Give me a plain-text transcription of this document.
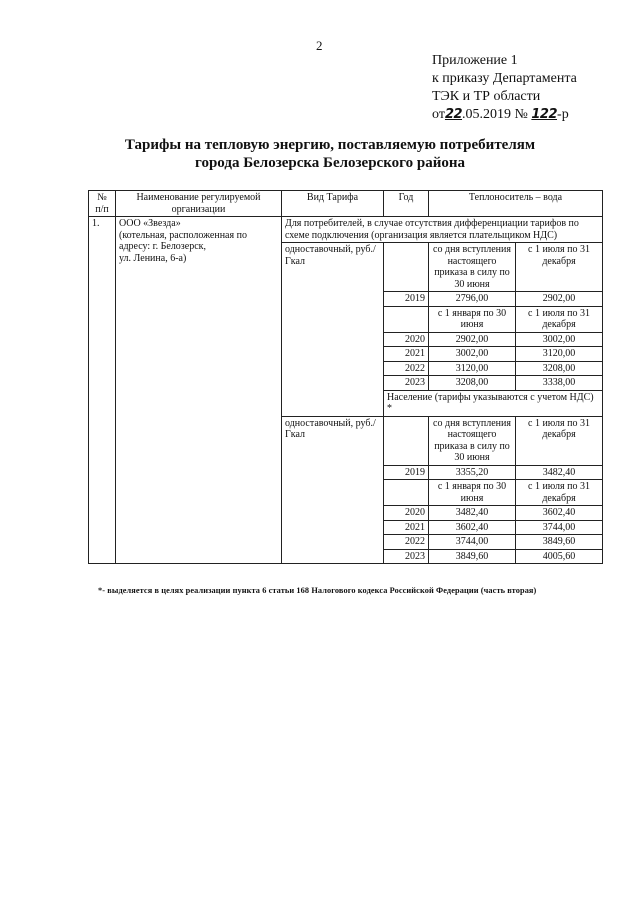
2
Приложение 1
к приказу Департамента
ТЭК и ТР области
от22.05.2019 № 122-р
Тарифы на тепловую энергию, поставляемую потребителям
города Белозерска Белозерского района
№ п/п	Наименование регулируемой организации	Вид Тарифа	Год	Теплоноситель – вода	
1.	ООО «Звезда»
(котельная, расположенная по адресу: г. Белозерск,
ул. Ленина, 6-а)	Для потребителей, в случае отсутствия дифференциации тарифов по схеме подключения (организация является плательщиком НДС)			
		одноставочный, руб./Гкал		со дня вступления настоящего приказа в силу по 30 июня	с 1 июля по 31 декабря
			2019	2796,00	2902,00
				с 1 января по 30 июня	с 1 июля по 31 декабря
			2020	2902,00	3002,00
			2021	3002,00	3120,00
			2022	3120,00	3208,00
			2023	3208,00	3338,00
			Население (тарифы указываются с учетом НДС) *		
		одноставочный, руб./Гкал		со дня вступления настоящего приказа в силу по 30 июня	с 1 июля по 31 декабря
			2019	3355,20	3482,40
				с 1 января по 30 июня	с 1 июля по 31 декабря
			2020	3482,40	3602,40
			2021	3602,40	3744,00
			2022	3744,00	3849,60
			2023	3849,60	4005,60
*- выделяется в целях реализации пункта 6 статьи 168 Налогового кодекса Российской Федерации (часть вторая)
